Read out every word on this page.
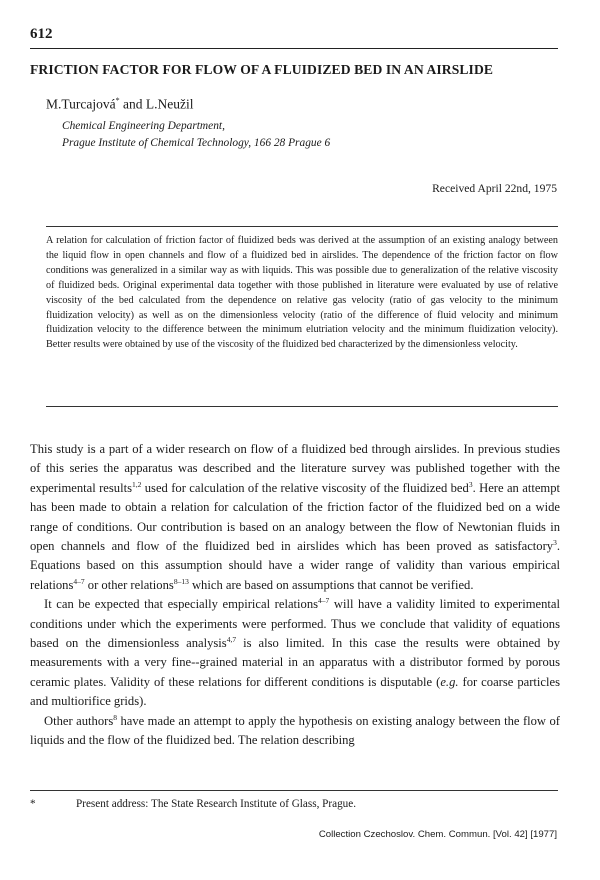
612
FRICTION FACTOR FOR FLOW OF A FLUIDIZED BED IN AN AIRSLIDE
M.Turcajová* and L.Neužil
Chemical Engineering Department,
Prague Institute of Chemical Technology, 166 28 Prague 6
Received April 22nd, 1975
A relation for calculation of friction factor of fluidized beds was derived at the assumption of an existing analogy between the liquid flow in open channels and flow of a fluidized bed in airslides. The dependence of the friction factor on flow conditions was generalized in a similar way as with liquids. This was possible due to generalization of the relative viscosity of fluidized beds. Original experimental data together with those published in literature were evaluated by use of relative viscosity of the bed calculated from the dependence on relative gas velocity (ratio of gas velocity to the minimum fluidization velocity) as well as on the dimensionless velocity (ratio of the difference of fluid velocity and minimum fluidization velocity to the difference between the minimum elutriation velocity and the minimum fluidization velocity). Better results were obtained by use of the viscosity of the fluidized bed characterized by the dimensionless velocity.

This study is a part of a wider research on flow of a fluidized bed through airslides. In previous studies of this series the apparatus was described and the literature survey was published together with the experimental results$^{1,2}$ used for calculation of the relative viscosity of the fluidized bed$^3$. Here an attempt has been made to obtain a relation for calculation of the friction factor of the fluidized bed on a wide range of conditions. Our contribution is based on an analogy between the flow of Newtonian fluids in open channels and flow of the fluidized bed in airslides which has been proved as satisfactory$^3$. Equations based on this assumption should have a wider range of validity than various empirical relations$^{4-7}$ or other relations$^{8-13}$ which are based on assumptions that cannot be verified.

It can be expected that especially empirical relations$^{4-7}$ will have a validity limited to experimental conditions under which the experiments were performed. Thus we conclude that validity of equations based on the dimensionless analysis$^{4,7}$ is also limited. In this case the results were obtained by measurements with a very fine--grained material in an apparatus with a distributor formed by porous ceramic plates. Validity of these relations for different conditions is disputable (e.g. for coarse particles and multiorifice grids).

Other authors$^8$ have made an attempt to apply the hypothesis on existing analogy between the flow of liquids and the flow of the fluidized bed. The relation describing

*	Present address: The State Research Institute of Glass, Prague.
Collection Czechoslov. Chem. Commun. [Vol. 42] [1977]
